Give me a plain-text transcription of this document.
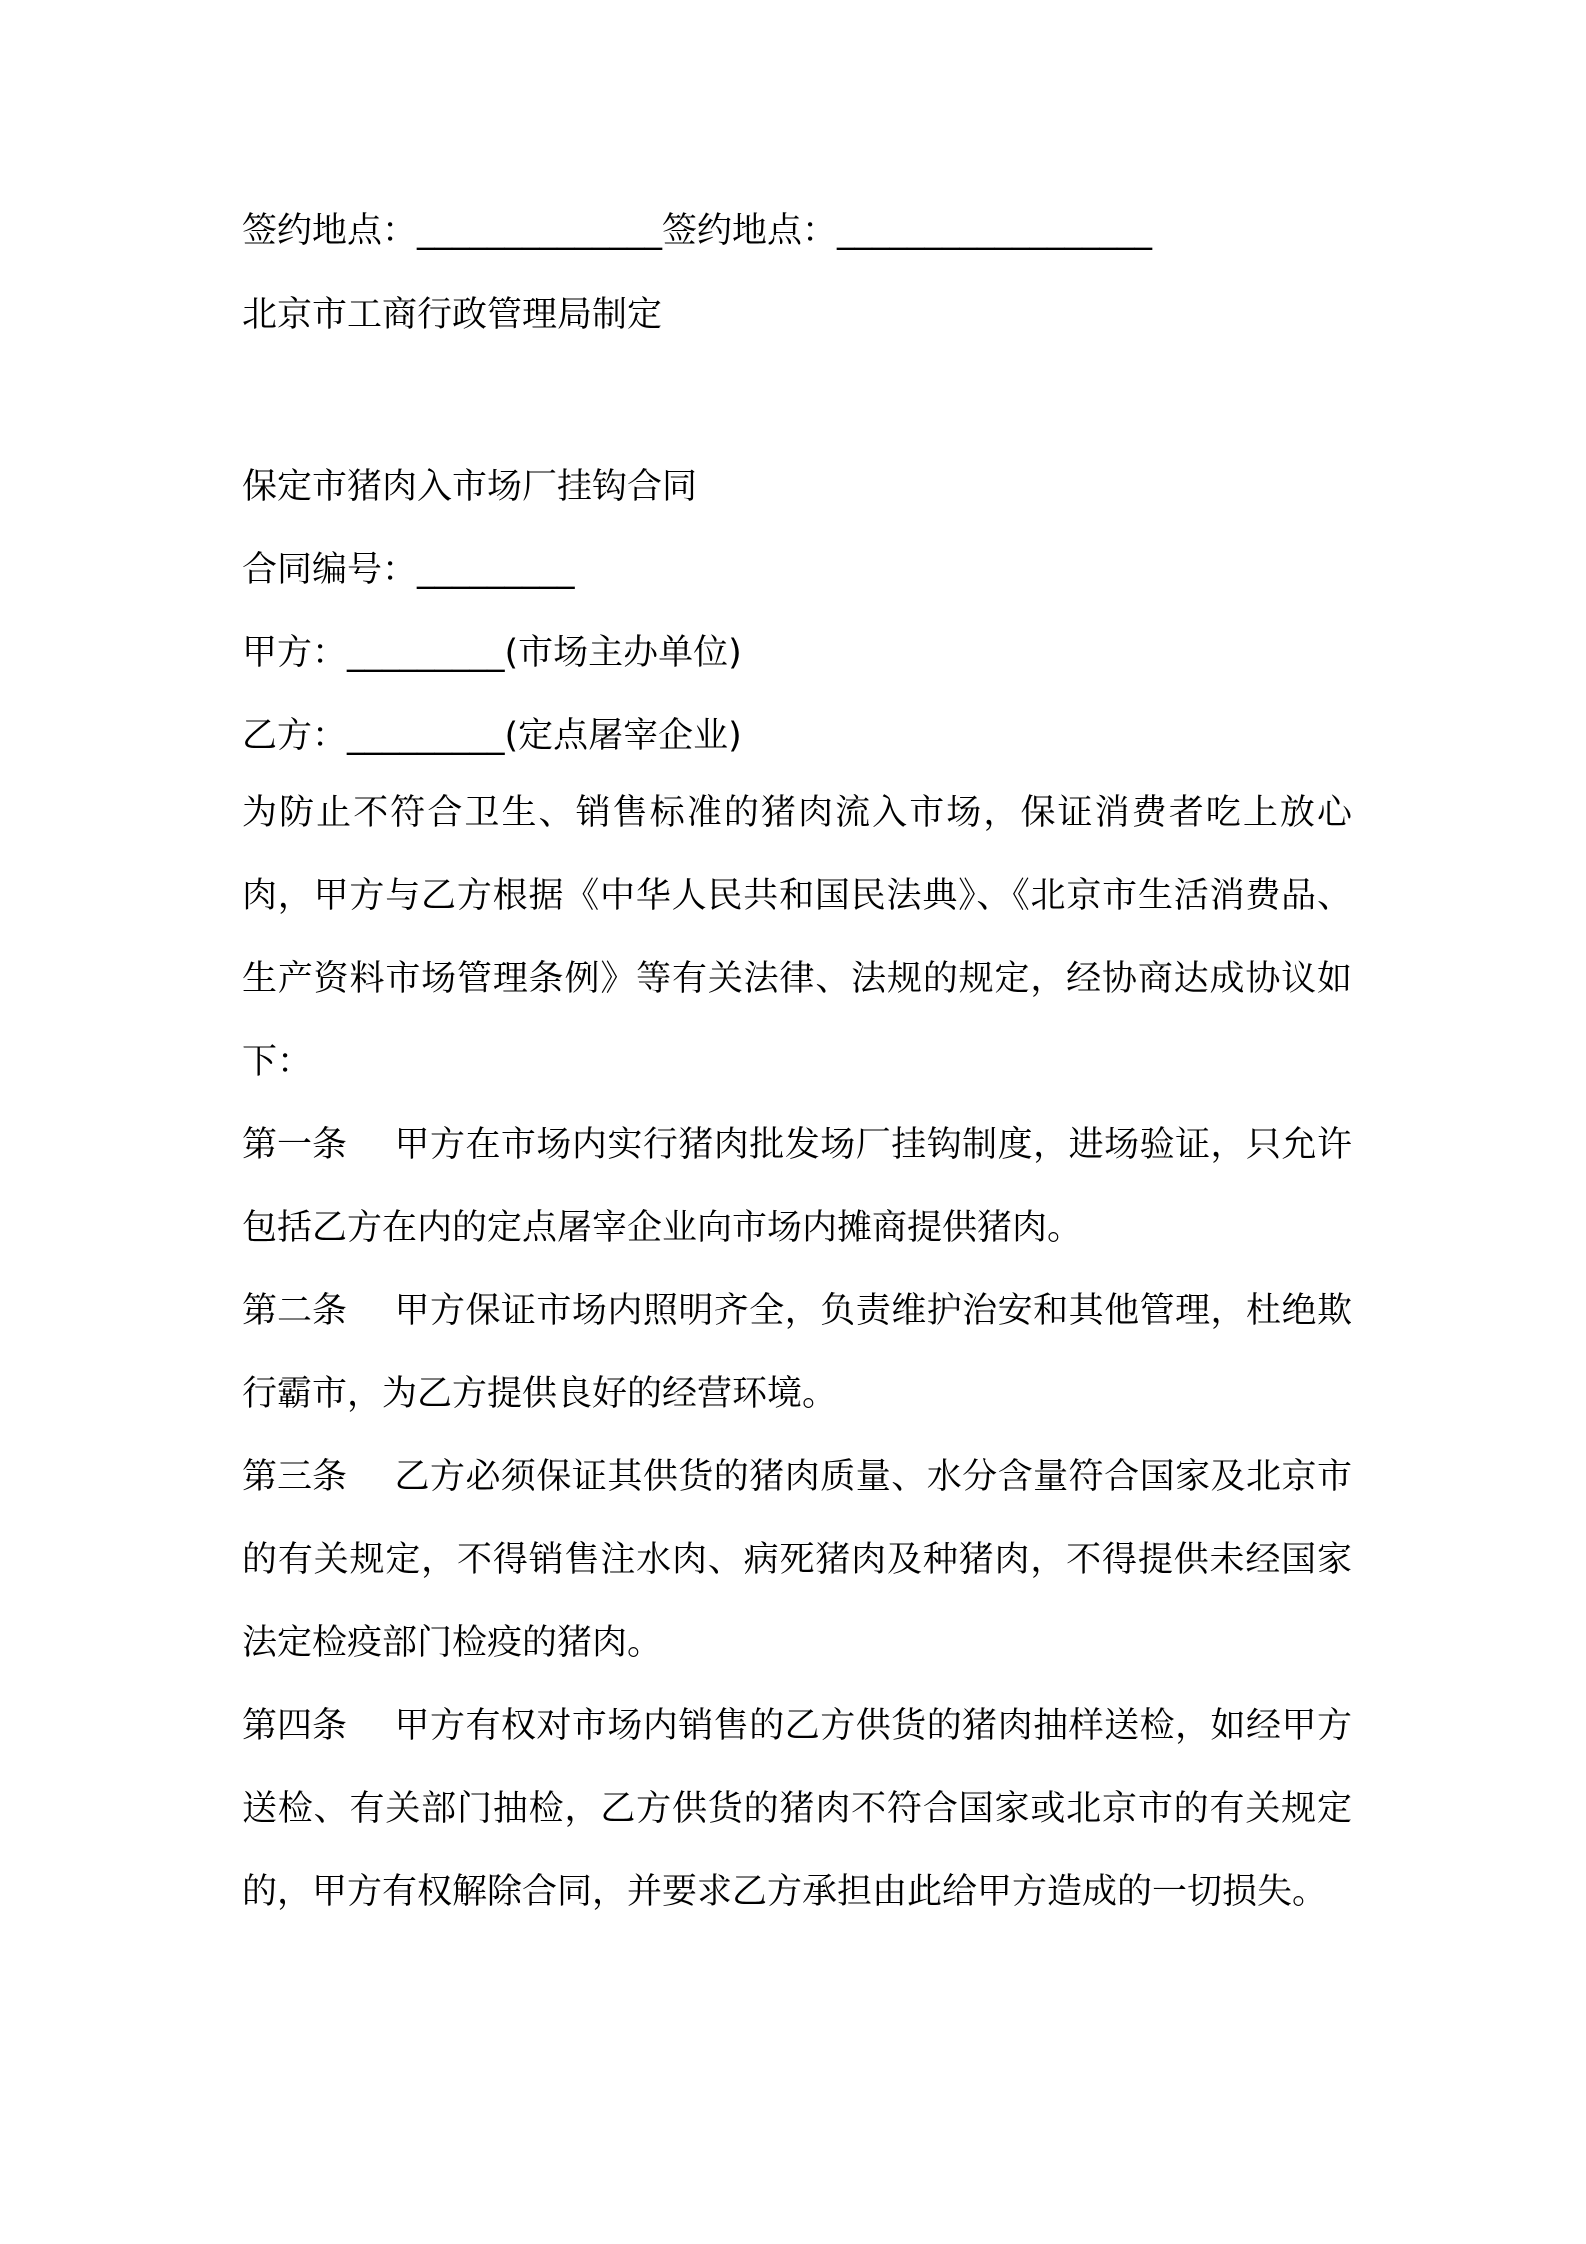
签约地点：______________签约地点：__________________

北京市工商行政管理局制定

保定市猪肉入市场厂挂钩合同

合同编号：_________

甲方：_________(市场主办单位)

乙方：_________(定点屠宰企业)

为防止不符合卫生、销售标准的猪肉流入市场，保证消费者吃上放心肉，甲方与乙方根据《中华人民共和国民法典》、《北京市生活消费品、生产资料市场管理条例》等有关法律、法规的规定，经协商达成协议如下：

第一条 甲方在市场内实行猪肉批发场厂挂钩制度，进场验证，只允许包括乙方在内的定点屠宰企业向市场内摊商提供猪肉。

第二条 甲方保证市场内照明齐全，负责维护治安和其他管理，杜绝欺行霸市，为乙方提供良好的经营环境。

第三条 乙方必须保证其供货的猪肉质量、水分含量符合国家及北京市的有关规定，不得销售注水肉、病死猪肉及种猪肉，不得提供未经国家法定检疫部门检疫的猪肉。

第四条 甲方有权对市场内销售的乙方供货的猪肉抽样送检，如经甲方送检、有关部门抽检，乙方供货的猪肉不符合国家或北京市的有关规定的，甲方有权解除合同，并要求乙方承担由此给甲方造成的一切损失。
